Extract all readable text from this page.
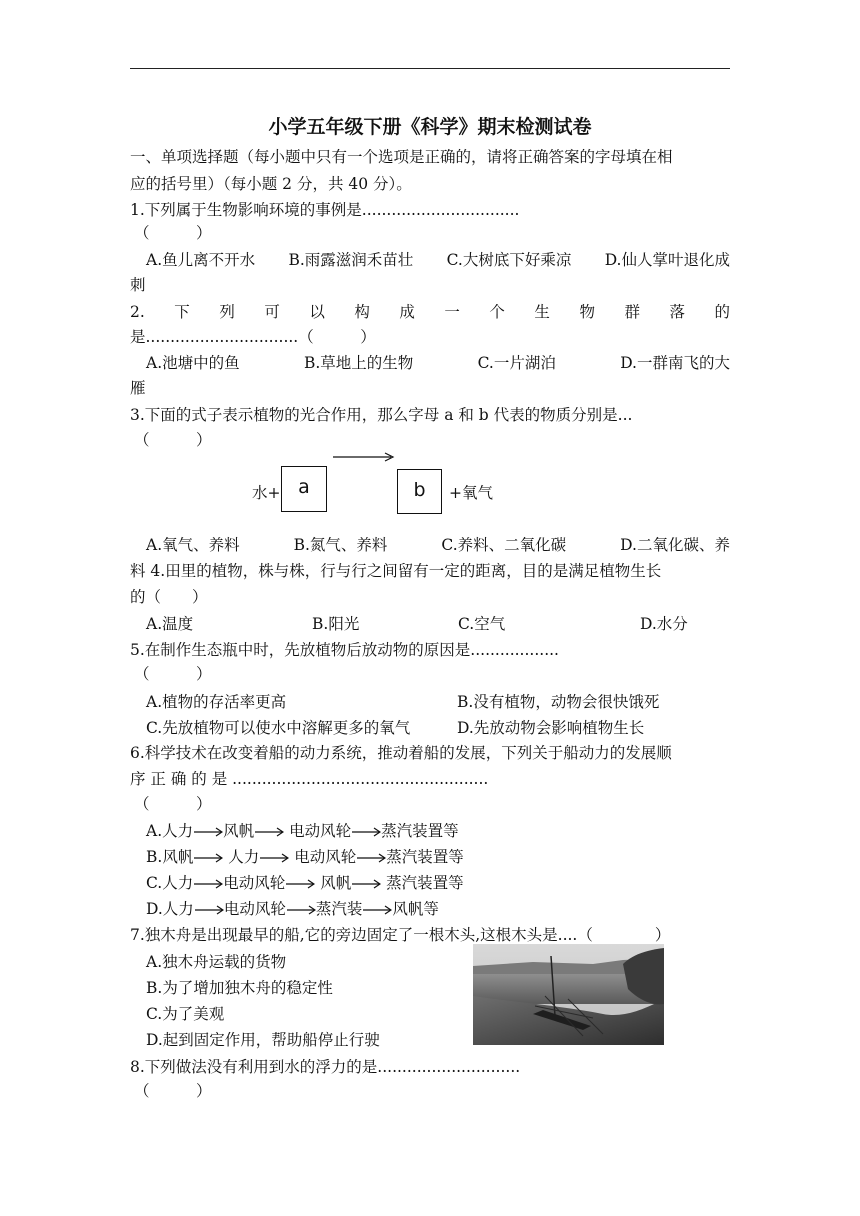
小学五年级下册《科学》期末检测试卷
一、单项选择题（每小题中只有一个选项是正确的，请将正确答案的字母填在相
应的括号里）（每小题 2 分，共 40 分）。
1.下列属于生物影响环境的事例是................................
（　　　）
A.鱼儿离不开水 B.雨露滋润禾苗壮 C.大树底下好乘凉 D.仙人掌叶退化成
刺
2. 下 列 可 以 构 成 一 个 生 物 群 落 的
是...............................（　　　）
A.池塘中的鱼	B.草地上的生物	C.一片湖泊	D.一群南飞的大
雁
3.下面的式子表示植物的光合作用，那么字母 a 和 b 代表的物质分别是...
（　　　）
水+ a	b	+氧气
A.氧气、养料	B.氮气、养料	C.养料、二氧化碳	D.二氧化碳、养
料 4.田里的植物，株与株，行与行之间留有一定的距离，目的是满足植物生长
的（　　）
A.温度	B.阳光	C.空气	D.水分
5.在制作生态瓶中时，先放植物后放动物的原因是..................
（　　　）
A.植物的存活率更高	B.没有植物，动物会很快饿死
C.先放植物可以使水中溶解更多的氧气	D.先放动物会影响植物生长
6.科学技术在改变着船的动力系统，推动着船的发展，下列关于船动力的发展顺
序 正 确 的 是 ....................................................
（　　　）
A.人力 风帆 电动风轮 蒸汽装置等
B.风帆 人力 电动风轮 蒸汽装置等
C.人力 电动风轮 风帆 蒸汽装置等
D.人力 电动风轮 蒸汽装 风帆等
7.独木舟是出现最早的船,它的旁边固定了一根木头,这根木头是....（　　　　）
A.独木舟运载的货物
B.为了增加独木舟的稳定性
C.为了美观
D.起到固定作用，帮助船停止行驶
8.下列做法没有利用到水的浮力的是.............................
（　　　）
